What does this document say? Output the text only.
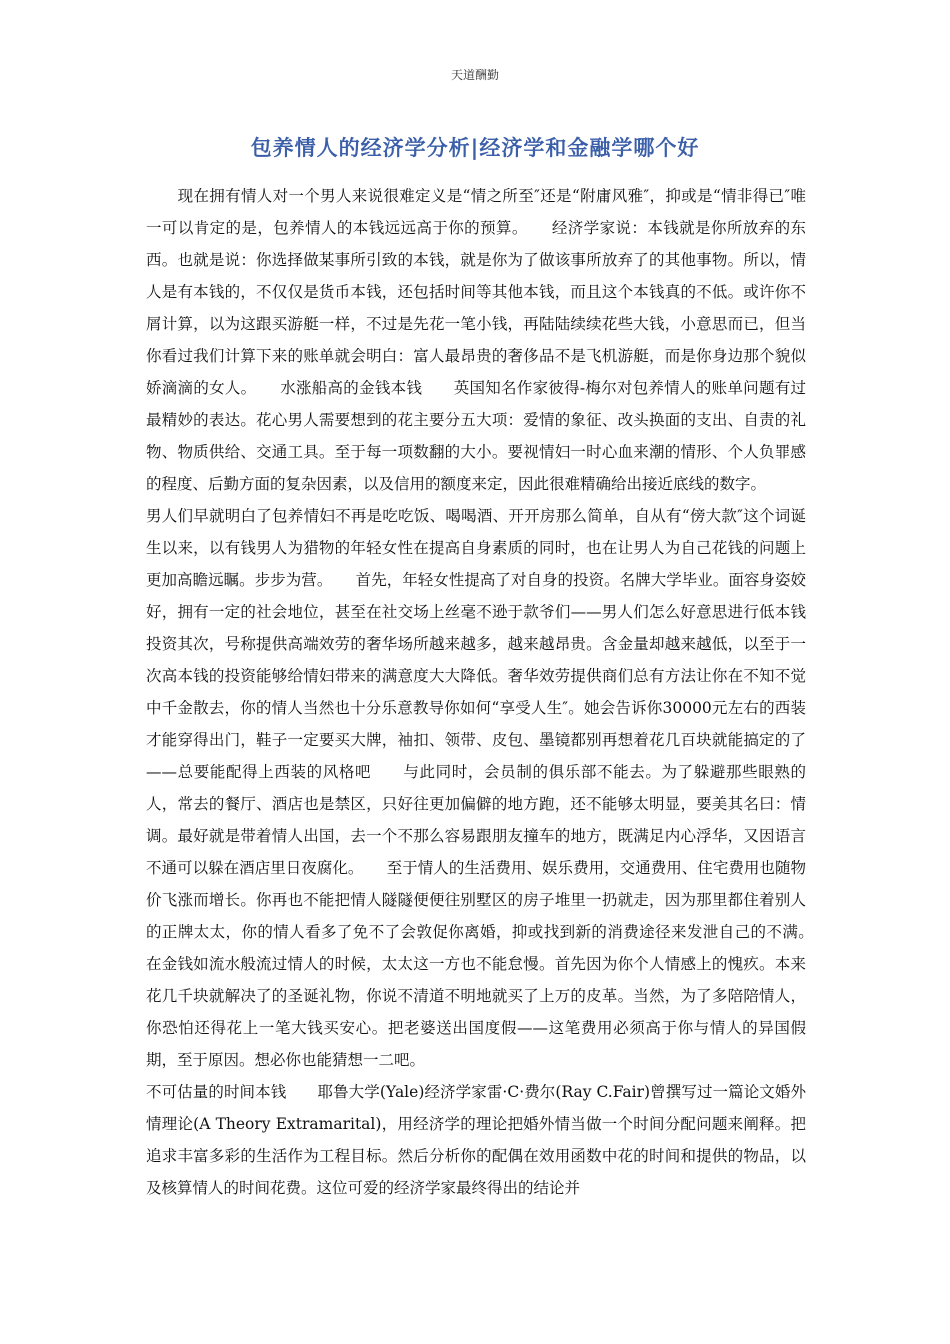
天道酬勤
包养情人的经济学分析|经济学和金融学哪个好

　　现在拥有情人对一个男人来说很难定义是“情之所至″还是“附庸风雅″，抑或是“情非得已″唯一可以肯定的是，包养情人的本钱远远高于你的预算。　　经济学家说：本钱就是你所放弃的东西。也就是说：你选择做某事所引致的本钱，就是你为了做该事所放弃了的其他事物。所以，情人是有本钱的，不仅仅是货币本钱，还包括时间等其他本钱，而且这个本钱真的不低。或许你不屑计算，以为这跟买游艇一样，不过是先花一笔小钱，再陆陆续续花些大钱，小意思而已，但当你看过我们计算下来的账单就会明白：富人最昂贵的奢侈品不是飞机游艇，而是你身边那个貌似娇滴滴的女人。　　水涨船高的金钱本钱　　英国知名作家彼得-梅尔对包养情人的账单问题有过最精妙的表达。花心男人需要想到的花主要分五大项：爱情的象征、改头换面的支出、自责的礼物、物质供给、交通工具。至于每一项数翻的大小。要视情妇一时心血来潮的情形、个人负罪感的程度、后勤方面的复杂因素，以及信用的额度来定，因此很难精确给出接近底线的数字。

男人们早就明白了包养情妇不再是吃吃饭、喝喝酒、开开房那么简单，自从有“傍大款″这个词诞生以来，以有钱男人为猎物的年轻女性在提高自身素质的同时，也在让男人为自己花钱的问题上更加高瞻远瞩。步步为营。　　首先，年轻女性提高了对自身的投资。名牌大学毕业。面容身姿姣好，拥有一定的社会地位，甚至在社交场上丝毫不逊于款爷们——男人们怎么好意思进行低本钱投资其次，号称提供高端效劳的奢华场所越来越多，越来越昂贵。含金量却越来越低，以至于一次高本钱的投资能够给情妇带来的满意度大大降低。奢华效劳提供商们总有方法让你在不知不觉中千金散去，你的情人当然也十分乐意教导你如何“享受人生″。她会告诉你30000元左右的西装才能穿得出门，鞋子一定要买大牌，袖扣、领带、皮包、墨镜都别再想着花几百块就能搞定的了——总要能配得上西装的风格吧　　与此同时，会员制的俱乐部不能去。为了躲避那些眼熟的人，常去的餐厅、酒店也是禁区，只好往更加偏僻的地方跑，还不能够太明显，要美其名曰：情调。最好就是带着情人出国，去一个不那么容易跟朋友撞车的地方，既满足内心浮华，又因语言不通可以躲在酒店里日夜腐化。　　至于情人的生活费用、娱乐费用，交通费用、住宅费用也随物价飞涨而增长。你再也不能把情人隧隧便便往别墅区的房子堆里一扔就走，因为那里都住着别人的正牌太太，你的情人看多了免不了会敦促你离婚，抑或找到新的消费途径来发泄自己的不满。　　在金钱如流水般流过情人的时候，太太这一方也不能怠慢。首先因为你个人情感上的愧疚。本来花几千块就解决了的圣诞礼物，你说不清道不明地就买了上万的皮革。当然，为了多陪陪情人，你恐怕还得花上一笔大钱买安心。把老婆送出国度假——这笔费用必须高于你与情人的异国假期，至于原因。想必你也能猜想一二吧。

不可估量的时间本钱　　耶鲁大学(Yale)经济学家雷·C·费尔(Ray C.Fair)曾撰写过一篇论文婚外情理论(A Theory Extramarital)，用经济学的理论把婚外情当做一个时间分配问题来阐释。把追求丰富多彩的生活作为工程目标。然后分析你的配偶在效用函数中花的时间和提供的物品，以及核算情人的时间花费。这位可爱的经济学家最终得出的结论并
